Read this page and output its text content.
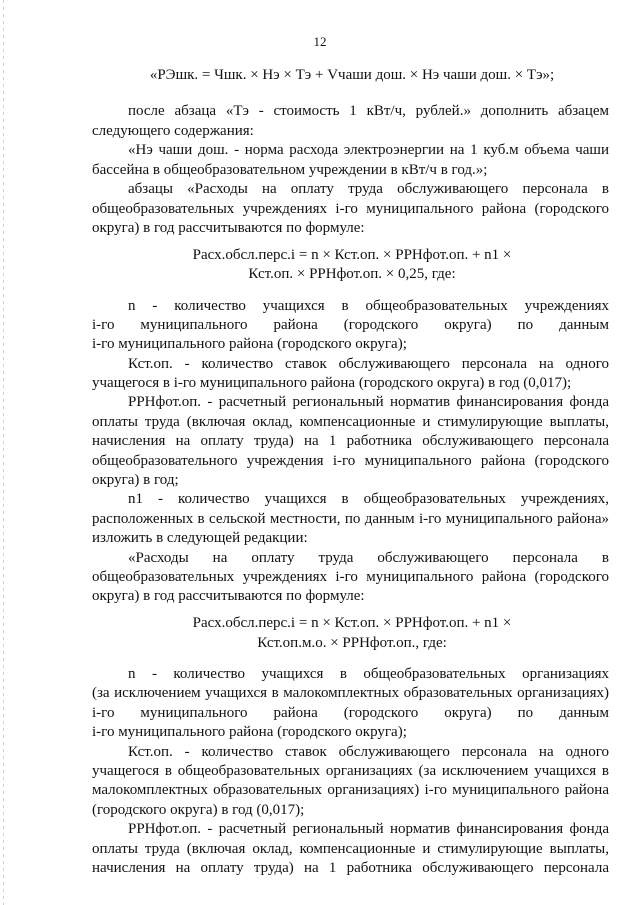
12
«РЭшк. = Чшк. × Нэ × Тэ + Vчаши дош. × Нэ чаши дош. × Тэ»;
после абзаца «Тэ - стоимость 1 кВт/ч, рублей.» дополнить абзацем
следующего содержания:
«Нэ чаши дош. - норма расхода электроэнергии на 1 куб.м объема чаши
бассейна в общеобразовательном учреждении в кВт/ч в год.»;
абзацы «Расходы на оплату труда обслуживающего персонала в
общеобразовательных учреждениях i-го муниципального района (городского
округа) в год рассчитываются по формуле:
Расх.обсл.перс.i = n × Кст.оп. × РРНфот.оп. + n1 ×
Кст.оп. × РРНфот.оп. × 0,25, где:
n - количество учащихся в общеобразовательных учреждениях
i-го муниципального района (городского округа) по данным
i-го муниципального района (городского округа);
Кст.оп. - количество ставок обслуживающего персонала на одного
учащегося в i-го муниципального района (городского округа) в год (0,017);
РРНфот.оп. - расчетный региональный норматив финансирования фонда
оплаты труда (включая оклад, компенсационные и стимулирующие выплаты,
начисления на оплату труда) на 1 работника обслуживающего персонала
общеобразовательного учреждения i-го муниципального района (городского
округа) в год;
n1 - количество учащихся в общеобразовательных учреждениях,
расположенных в сельской местности, по данным i-го муниципального района»
изложить в следующей редакции:
«Расходы на оплату труда обслуживающего персонала в
общеобразовательных учреждениях i-го муниципального района (городского
округа) в год рассчитываются по формуле:
Расх.обсл.перс.i = n × Кст.оп. × РРНфот.оп. + n1 ×
Кст.оп.м.о. × РРНфот.оп., где:
n - количество учащихся в общеобразовательных организациях
(за исключением учащихся в малокомплектных образовательных организациях)
i-го муниципального района (городского округа) по данным
i-го муниципального района (городского округа);
Кст.оп. - количество ставок обслуживающего персонала на одного
учащегося в общеобразовательных организациях (за исключением учащихся в
малокомплектных образовательных организациях) i-го муниципального района
(городского округа) в год (0,017);
РРНфот.оп. - расчетный региональный норматив финансирования фонда
оплаты труда (включая оклад, компенсационные и стимулирующие выплаты,
начисления на оплату труда) на 1 работника обслуживающего персонала
